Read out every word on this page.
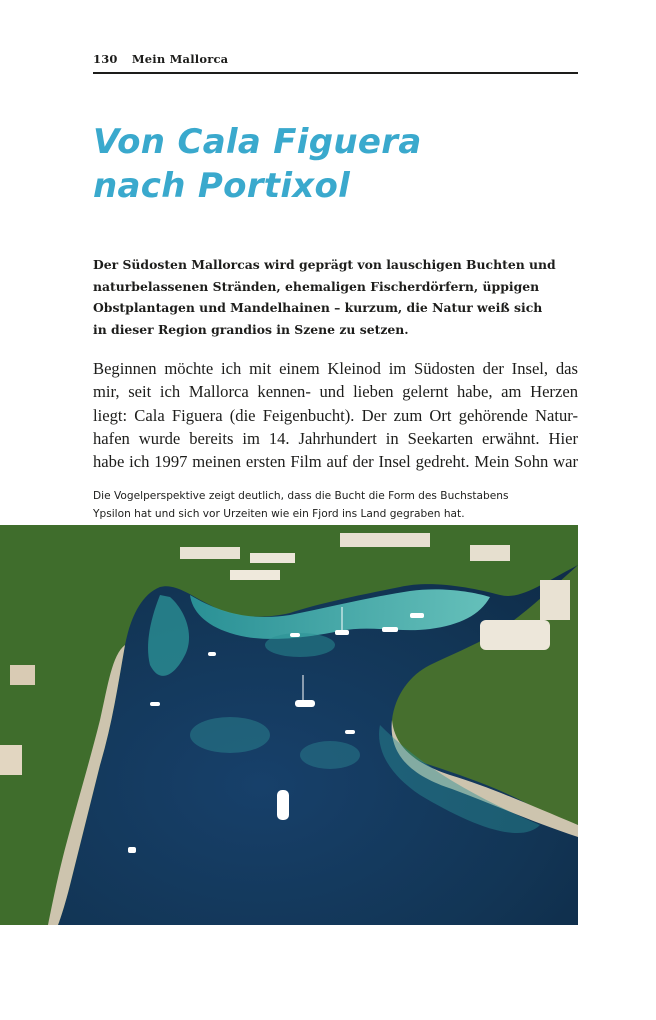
130 Mein Mallorca
Von Cala Figuera
nach Portixol

Der Südosten Mallorcas wird geprägt von lauschigen Buchten und
naturbelassenen Stränden, ehemaligen Fischerdörfern, üppigen
Obstplantagen und Mandelhainen – kurzum, die Natur weiß sich
in dieser Region grandios in Szene zu setzen.

Beginnen möchte ich mit einem Kleinod im Südosten der Insel, das
mir, seit ich Mallorca kennen- und lieben gelernt habe, am Herzen
liegt: Cala Figuera (die Feigenbucht). Der zum Ort gehörende Natur-
hafen wurde bereits im 14. Jahrhundert in Seekarten erwähnt. Hier
habe ich 1997 meinen ersten Film auf der Insel gedreht. Mein Sohn war

Die Vogelperspektive zeigt deutlich, dass die Bucht die Form des Buchstabens
Ypsilon hat und sich vor Urzeiten wie ein Fjord ins Land gegraben hat.
